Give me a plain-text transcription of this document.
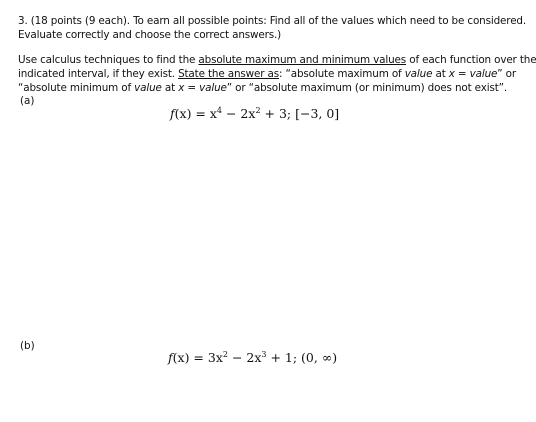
3. (18 points (9 each). To earn all possible points: Find all of the values which need to be considered.
Evaluate correctly and choose the correct answers.)
Use calculus techniques to find the absolute maximum and minimum values of each function over the
indicated interval, if they exist. State the answer as: “absolute maximum of value at x = value” or
“absolute minimum of value at x = value” or “absolute maximum (or minimum) does not exist”.
(a)
$f(x) = x^4 - 2x^2 + 3$; [−3, 0]
(b)
$f(x) = 3x^2 - 2x^3 + 1$; (0, ∞)
